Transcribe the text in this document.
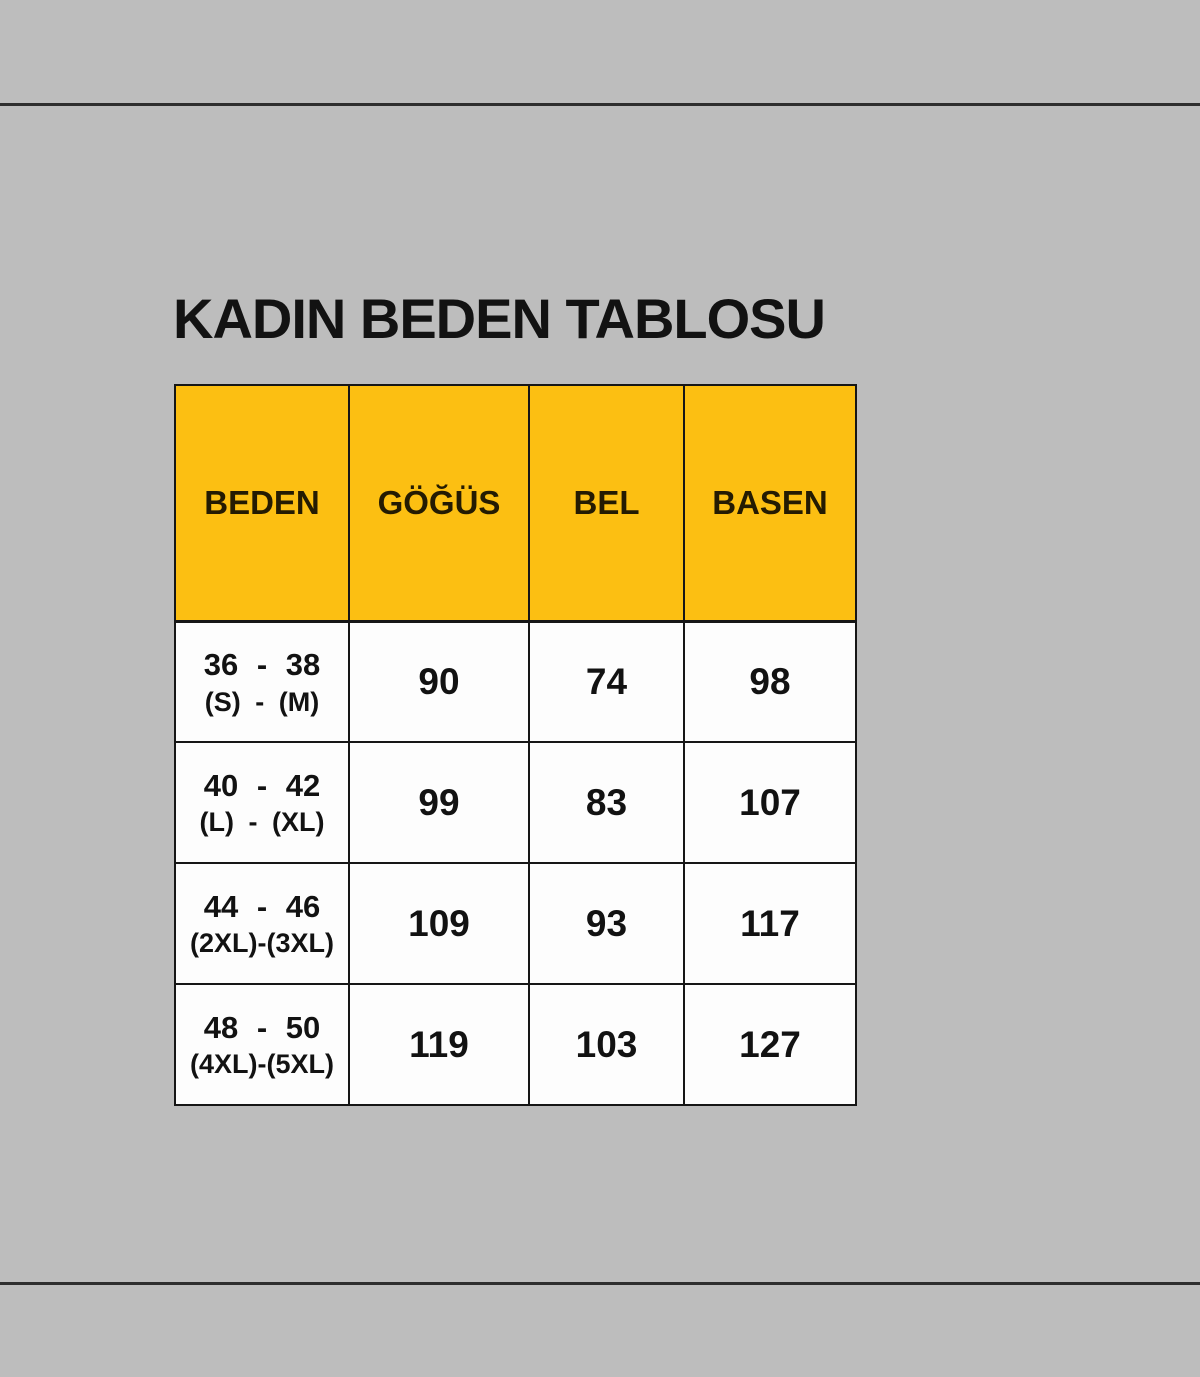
KADIN BEDEN TABLOSU
BEDEN	GÖĞÜS	BEL	BASEN

36 - 38
(S) - (M)	90	74	98

40 - 42
(L) - (XL)	99	83	107

44 - 46
(2XL)-(3XL)	109	93	117

48 - 50
(4XL)-(5XL)	119	103	127
